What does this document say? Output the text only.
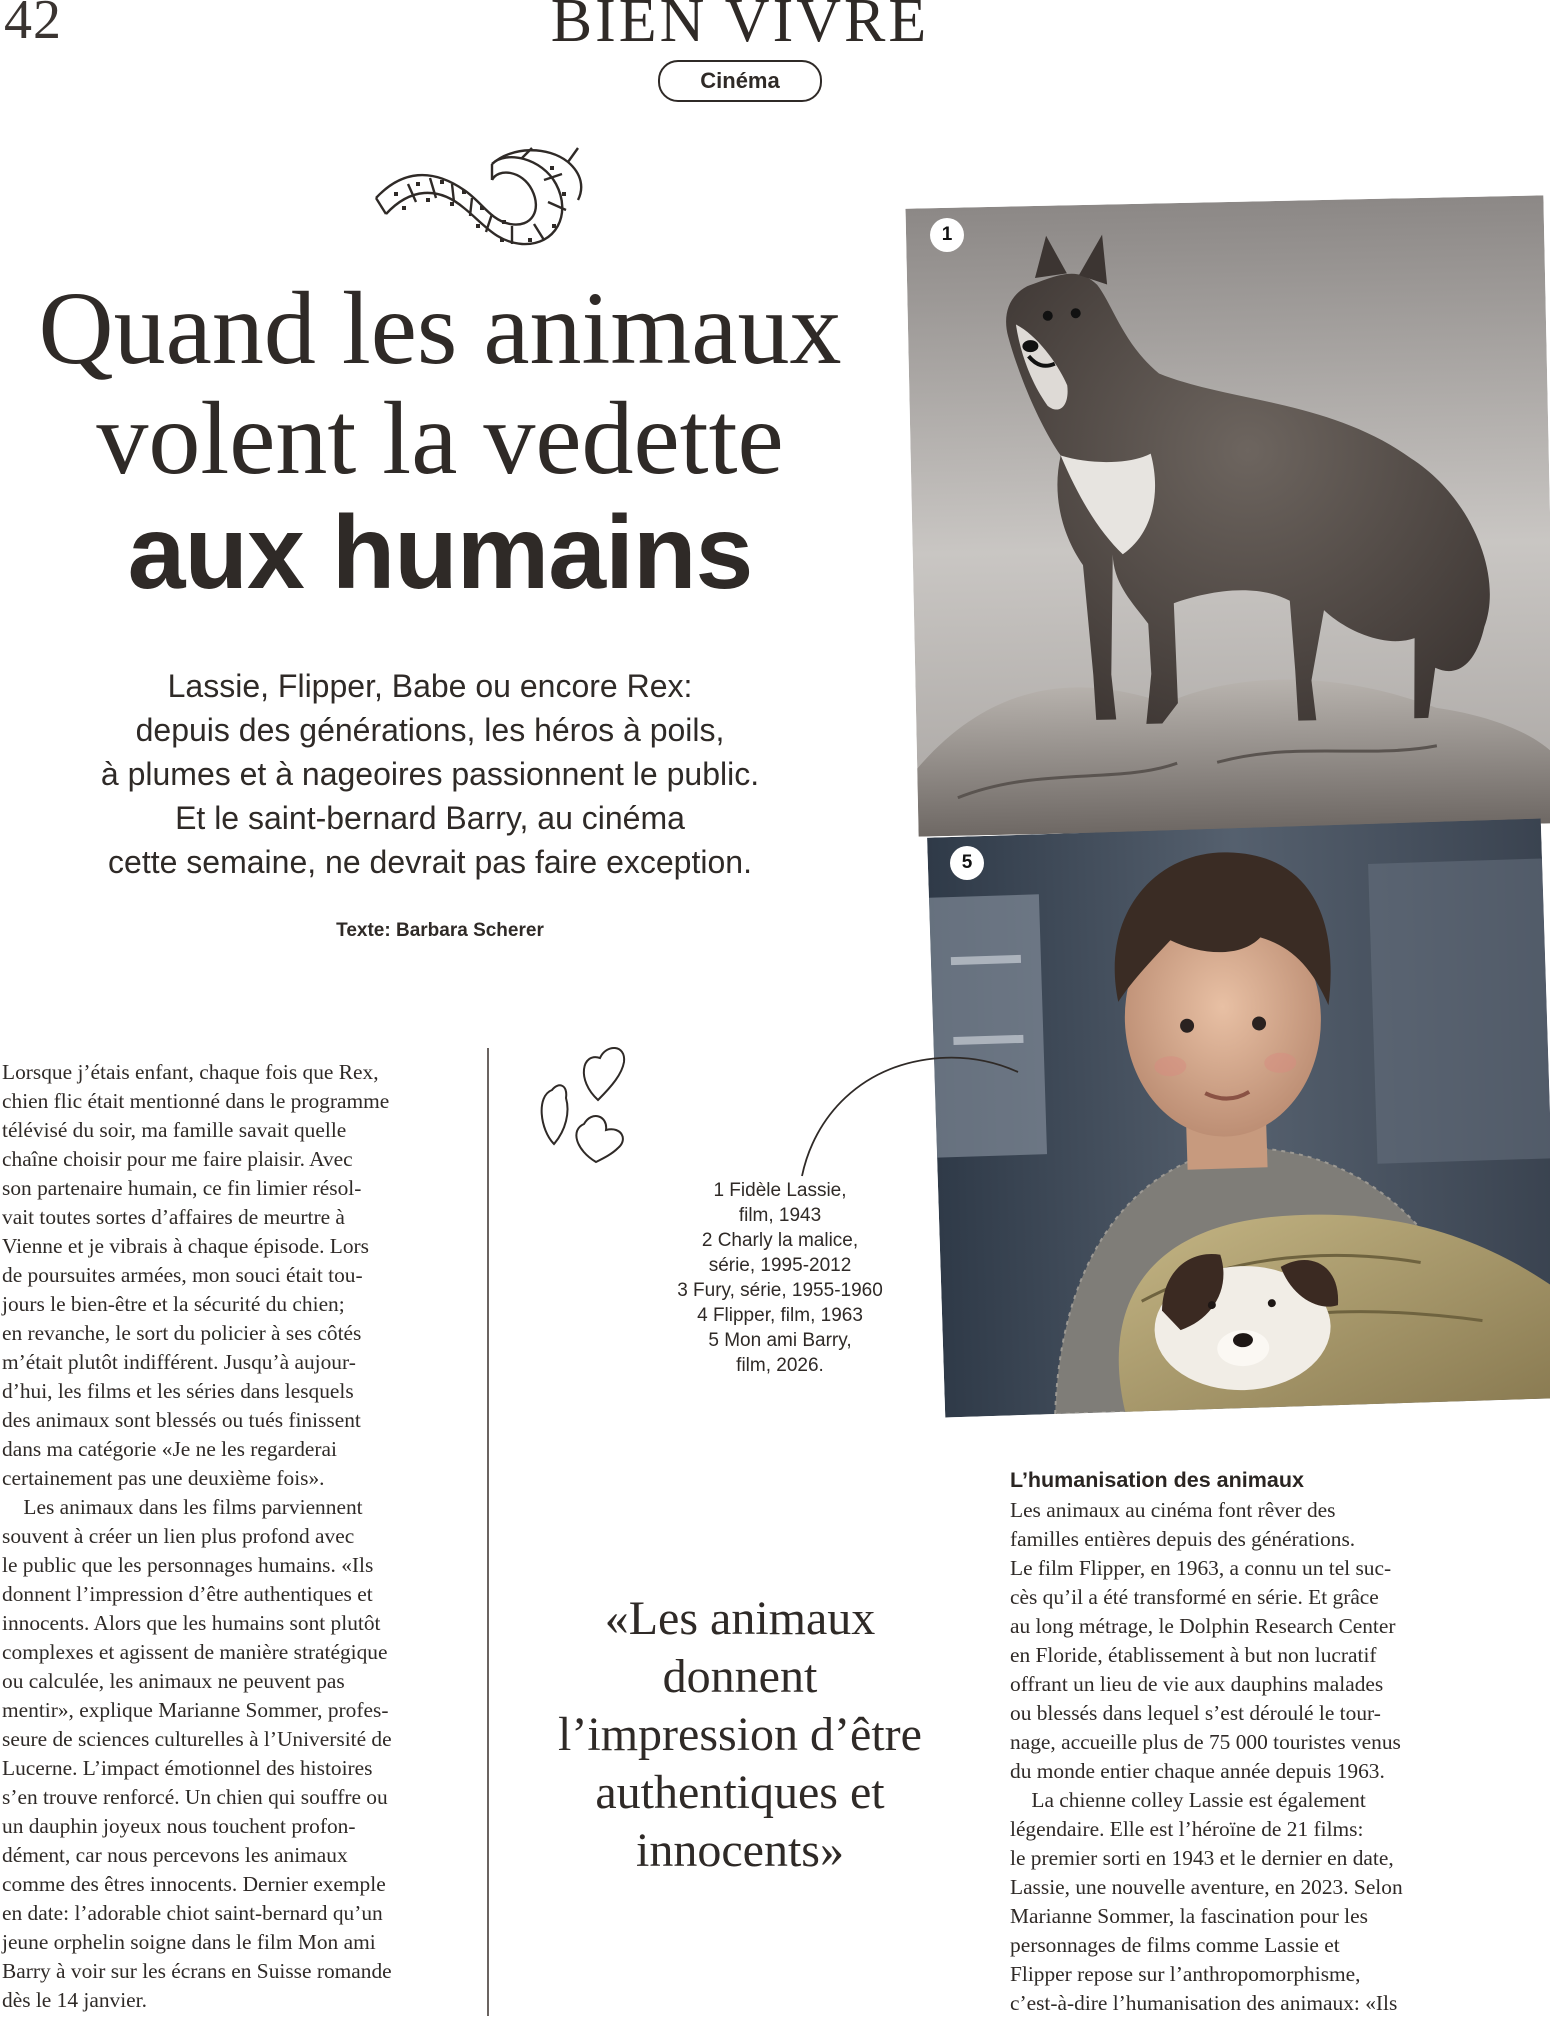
42	BIEN VIVRE
Cinéma
Quand les animaux
volent la vedette
aux humains
Lassie, Flipper, Babe ou encore Rex:
depuis des générations, les héros à poils,
à plumes et à nageoires passionnent le public.
Et le saint-bernard Barry, au cinéma
cette semaine, ne devrait pas faire exception.
Texte: Barbara Scherer
1
5
1 Fidèle Lassie,
film, 1943
2 Charly la malice,
série, 1995-2012
3 Fury, série, 1955-1960
4 Flipper, film, 1963
5 Mon ami Barry,
film, 2026.
Lorsque j’étais enfant, chaque fois que Rex,
chien flic était mentionné dans le programme
télévisé du soir, ma famille savait quelle
chaîne choisir pour me faire plaisir. Avec
son partenaire humain, ce fin limier résol-
vait toutes sortes d’affaires de meurtre à
Vienne et je vibrais à chaque épisode. Lors
de poursuites armées, mon souci était tou-
jours le bien-être et la sécurité du chien;
en revanche, le sort du policier à ses côtés
m’était plutôt indifférent. Jusqu’à aujour-
d’hui, les films et les séries dans lesquels
des animaux sont blessés ou tués finissent
dans ma catégorie «Je ne les regarderai
certainement pas une deuxième fois».
Les animaux dans les films parviennent
souvent à créer un lien plus profond avec
le public que les personnages humains. «Ils
donnent l’impression d’être authentiques et
innocents. Alors que les humains sont plutôt
complexes et agissent de manière stratégique
ou calculée, les animaux ne peuvent pas
mentir», explique Marianne Sommer, profes-
seure de sciences culturelles à l’Université de
Lucerne. L’impact émotionnel des histoires
s’en trouve renforcé. Un chien qui souffre ou
un dauphin joyeux nous touchent profon-
dément, car nous percevons les animaux
comme des êtres innocents. Dernier exemple
en date: l’adorable chiot saint-bernard qu’un
jeune orphelin soigne dans le film Mon ami
Barry à voir sur les écrans en Suisse romande
dès le 14 janvier.
«Les animaux
donnent
l’impression d’être
authentiques et
innocents»
L’humanisation des animaux
Les animaux au cinéma font rêver des
familles entières depuis des générations.
Le film Flipper, en 1963, a connu un tel suc-
cès qu’il a été transformé en série. Et grâce
au long métrage, le Dolphin Research Center
en Floride, établissement à but non lucratif
offrant un lieu de vie aux dauphins malades
ou blessés dans lequel s’est déroulé le tour-
nage, accueille plus de 75 000 touristes venus
du monde entier chaque année depuis 1963.
La chienne colley Lassie est également
légendaire. Elle est l’héroïne de 21 films:
le premier sorti en 1943 et le dernier en date,
Lassie, une nouvelle aventure, en 2023. Selon
Marianne Sommer, la fascination pour les
personnages de films comme Lassie et
Flipper repose sur l’anthropomorphisme,
c’est-à-dire l’humanisation des animaux: «Ils
